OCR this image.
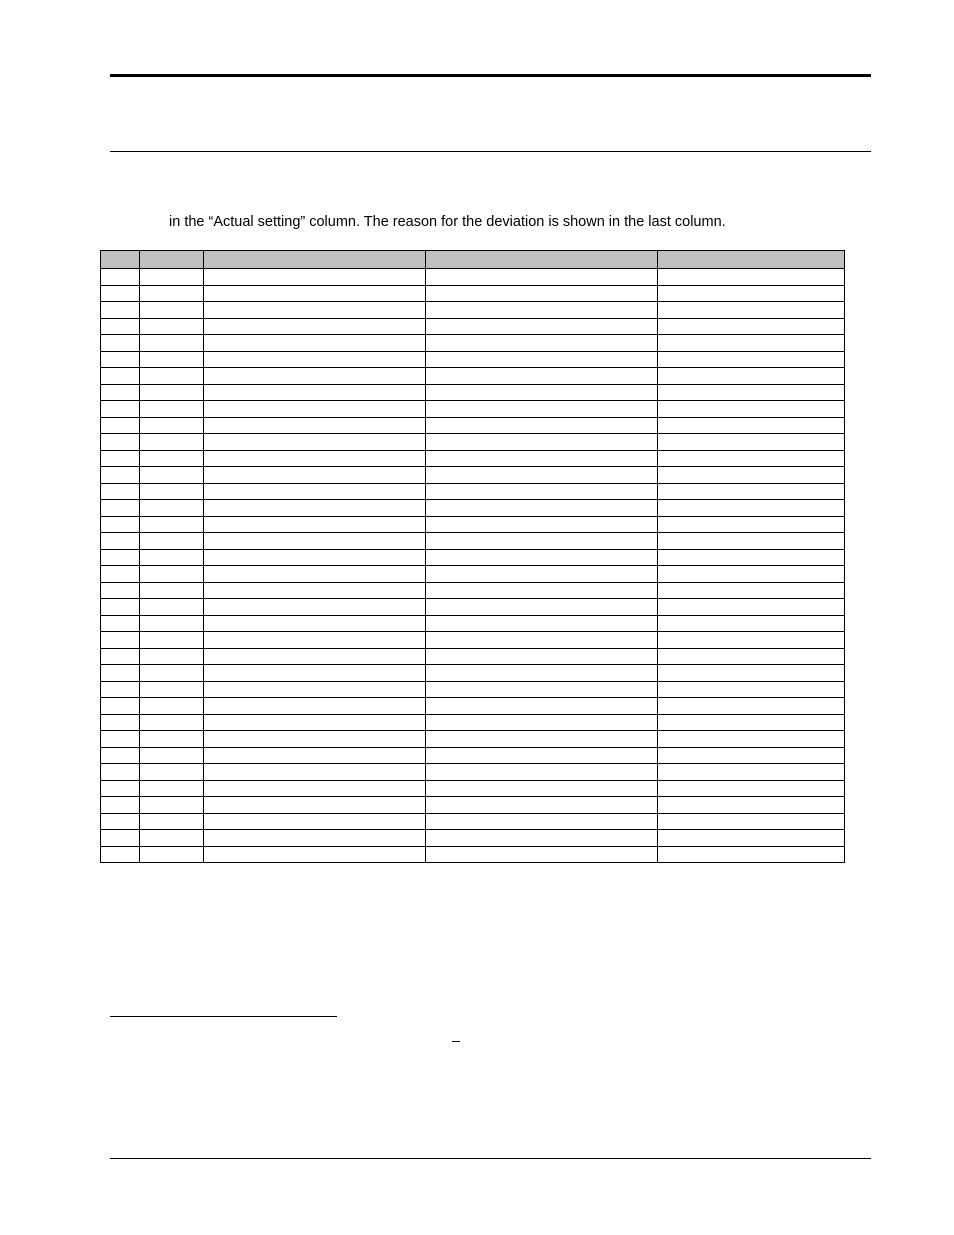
in the “Actual setting” column. The reason for the deviation is shown in the last column.
